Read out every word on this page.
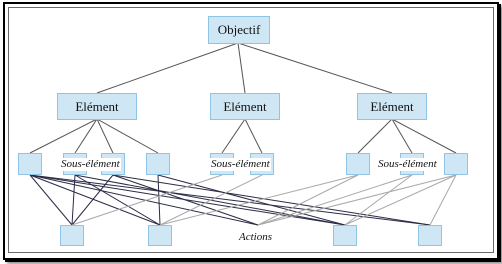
Objectif
Elément	Elément	Elément
Sous-élément	Sous-élément	Sous-élément
Actions
